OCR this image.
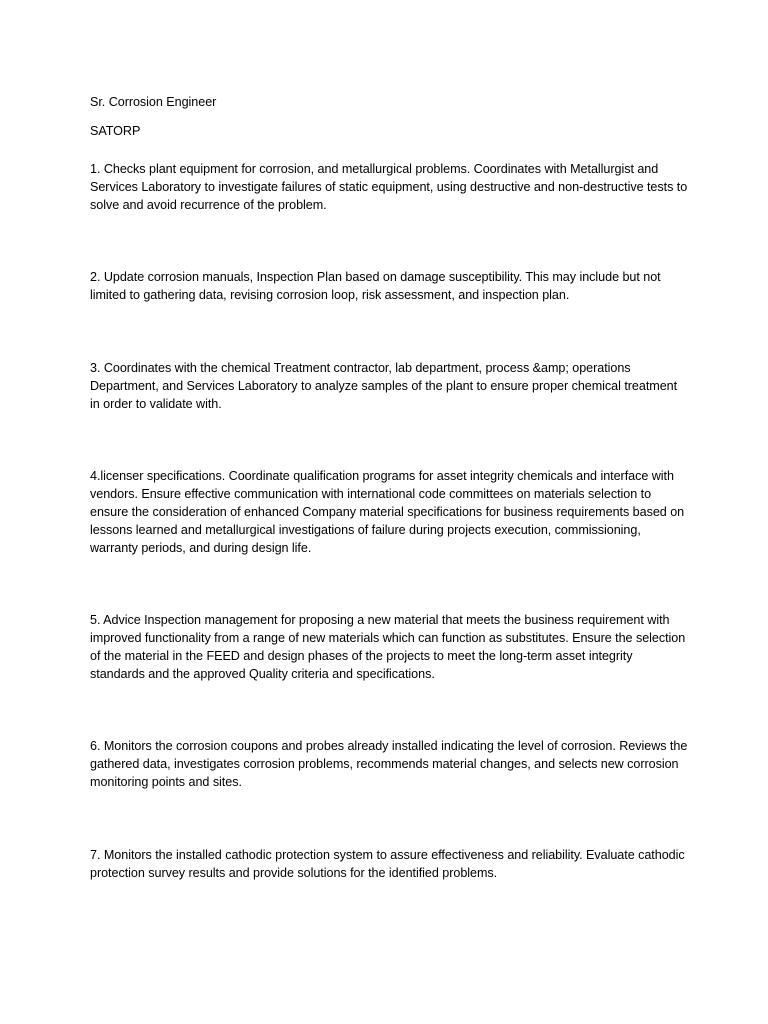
Sr. Corrosion Engineer

SATORP

1. Checks plant equipment for corrosion, and metallurgical problems. Coordinates with Metallurgist and Services Laboratory to investigate failures of static equipment, using destructive and non-destructive tests to solve and avoid recurrence of the problem.

2. Update corrosion manuals, Inspection Plan based on damage susceptibility. This may include but not limited to gathering data, revising corrosion loop, risk assessment, and inspection plan.

3. Coordinates with the chemical Treatment contractor, lab department, process &amp; operations Department, and Services Laboratory to analyze samples of the plant to ensure proper chemical treatment in order to validate with.

4.licenser specifications. Coordinate qualification programs for asset integrity chemicals and interface with vendors. Ensure effective communication with international code committees on materials selection to ensure the consideration of enhanced Company material specifications for business requirements based on lessons learned and metallurgical investigations of failure during projects execution, commissioning, warranty periods, and during design life.

5. Advice Inspection management for proposing a new material that meets the business requirement with improved functionality from a range of new materials which can function as substitutes. Ensure the selection of the material in the FEED and design phases of the projects to meet the long-term asset integrity standards and the approved Quality criteria and specifications.

6. Monitors the corrosion coupons and probes already installed indicating the level of corrosion. Reviews the gathered data, investigates corrosion problems, recommends material changes, and selects new corrosion monitoring points and sites.

7. Monitors the installed cathodic protection system to assure effectiveness and reliability. Evaluate cathodic protection survey results and provide solutions for the identified problems.
